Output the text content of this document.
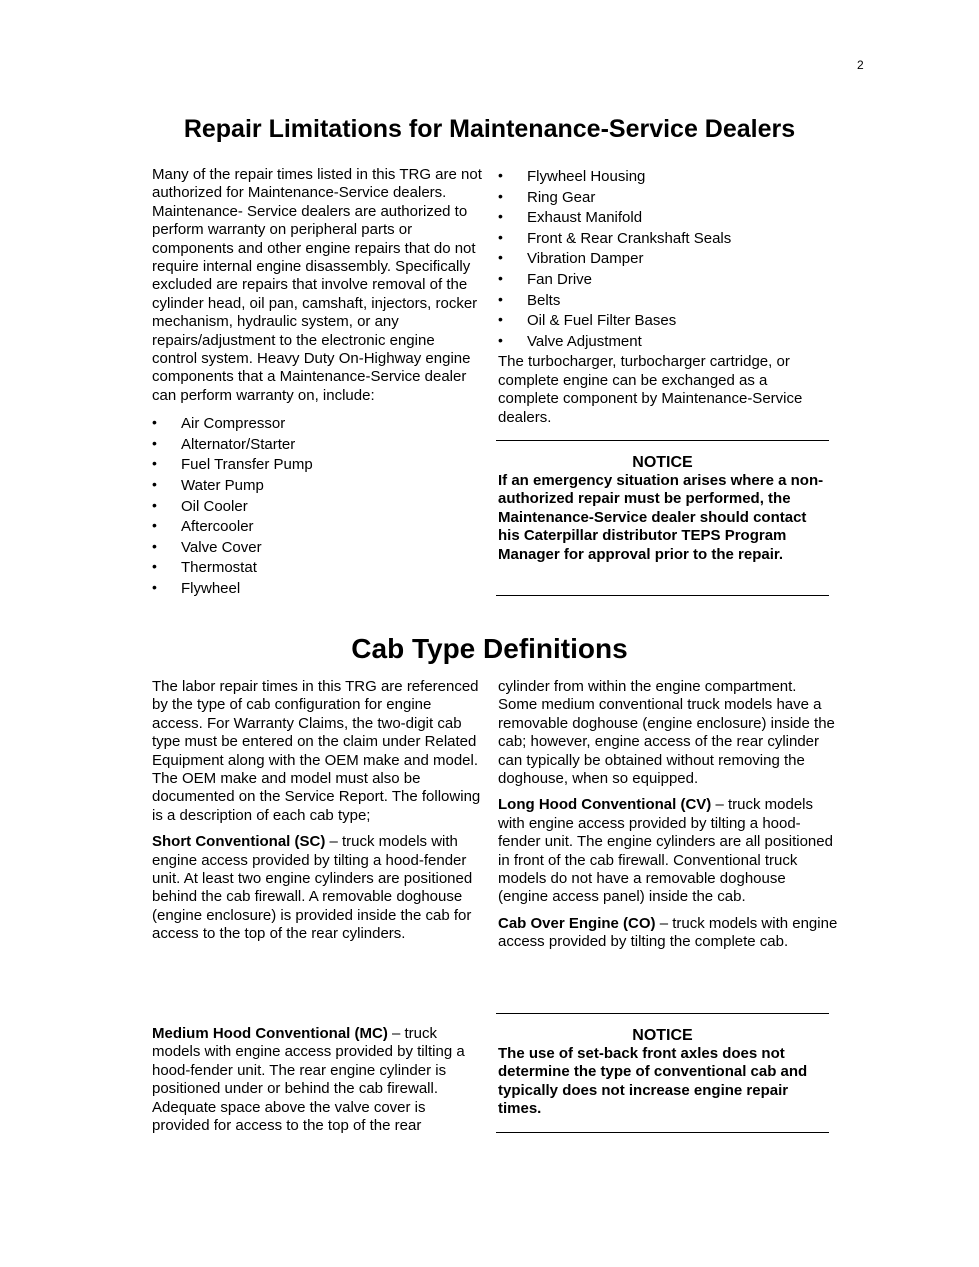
2
Repair Limitations for Maintenance-Service Dealers

Many of the repair times listed in this TRG are not authorized for Maintenance-Service dealers. Maintenance- Service dealers are authorized to perform warranty on peripheral parts or components and other engine repairs that do not require internal engine disassembly. Specifically excluded are repairs that involve removal of the cylinder head, oil pan, camshaft, injectors, rocker mechanism, hydraulic system, or any repairs/adjustment to the electronic engine control system. Heavy Duty On-Highway engine components that a Maintenance-Service dealer can perform warranty on, include:

• Air Compressor
• Alternator/Starter
• Fuel Transfer Pump
• Water Pump
• Oil Cooler
• Aftercooler
• Valve Cover
• Thermostat
• Flywheel
• Flywheel Housing
• Ring Gear
• Exhaust Manifold
• Front & Rear Crankshaft Seals
• Vibration Damper
• Fan Drive
• Belts
• Oil & Fuel Filter Bases
• Valve Adjustment

The turbocharger, turbocharger cartridge, or complete engine can be exchanged as a complete component by Maintenance-Service dealers.

NOTICE
If an emergency situation arises where a non-authorized repair must be performed, the Maintenance-Service dealer should contact his Caterpillar distributor TEPS Program Manager for approval prior to the repair.
Cab Type Definitions

The labor repair times in this TRG are referenced by the type of cab configuration for engine access. For Warranty Claims, the two-digit cab type must be entered on the claim under Related Equipment along with the OEM make and model. The OEM make and model must also be documented on the Service Report. The following is a description of each cab type;

Short Conventional (SC) – truck models with engine access provided by tilting a hood-fender unit. At least two engine cylinders are positioned behind the cab firewall. A removable doghouse (engine enclosure) is provided inside the cab for access to the top of the rear cylinders.

Medium Hood Conventional (MC) – truck models with engine access provided by tilting a hood-fender unit. The rear engine cylinder is positioned under or behind the cab firewall. Adequate space above the valve cover is provided for access to the top of the rear

cylinder from within the engine compartment. Some medium conventional truck models have a removable doghouse (engine enclosure) inside the cab; however, engine access of the rear cylinder can typically be obtained without removing the doghouse, when so equipped.

Long Hood Conventional (CV) – truck models with engine access provided by tilting a hood-fender unit. The engine cylinders are all positioned in front of the cab firewall. Conventional truck models do not have a removable doghouse (engine access panel) inside the cab.

Cab Over Engine (CO) – truck models with engine access provided by tilting the complete cab.

NOTICE
The use of set-back front axles does not determine the type of conventional cab and typically does not increase engine repair times.
